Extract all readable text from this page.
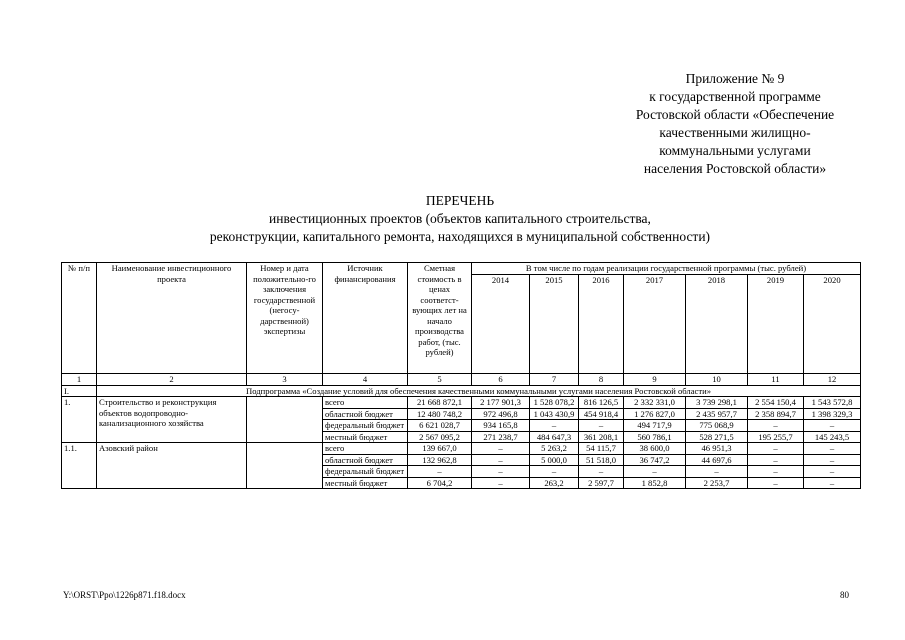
Приложение № 9
к государственной программе
Ростовской области «Обеспечение
качественными жилищно-
коммунальными услугами
населения Ростовской области»
ПЕРЕЧЕНЬ
инвестиционных проектов (объектов капитального строительства,
реконструкции, капитального ремонта, находящихся в муниципальной собственности)
№ п/п	Наименование инвестиционного проекта	Номер и дата положительно-го заключения государственной (негосу-дарственной) экспертизы	Источник финансирования	Сметная стоимость в ценах соответст-вующих лет на начало производства работ, (тыс. рублей)	В том числе по годам реализации государственной программы (тыс. рублей)						
					2014	2015	2016	2017	2018	2019	2020
1	2	3	4	5	6	7	8	9	10	11	12
I.	Подпрограмма «Создание условий для обеспечения качественными коммунальными услугами населения Ростовской области»										
1.	Строительство и реконструкция объектов водопроводно-канализационного хозяйства		всего	21 668 872,1	2 177 901,3	1 528 078,2	816 126,5	2 332 331,0	3 739 298,1	2 554 150,4	1 543 572,8
			областной бюджет	12 480 748,2	972 496,8	1 043 430,9	454 918,4	1 276 827,0	2 435 957,7	2 358 894,7	1 398 329,3
			федеральный бюджет	6 621 028,7	934 165,8	–	–	494 717,9	775 068,9	–	–
			местный бюджет	2 567 095,2	271 238,7	484 647,3	361 208,1	560 786,1	528 271,5	195 255,7	145 243,5
1.1.	Азовский район		всего	139 667,0	–	5 263,2	54 115,7	38 600,0	46 951,3	–	–
			областной бюджет	132 962,8	–	5 000,0	51 518,0	36 747,2	44 697,6	–	–
			федеральный бюджет	–	–	–	–	–	–	–	–
			местный бюджет	6 704,2	–	263,2	2 597,7	1 852,8	2 253,7	–	–
Y:\ORST\Ppo\1226p871.f18.docx	80
